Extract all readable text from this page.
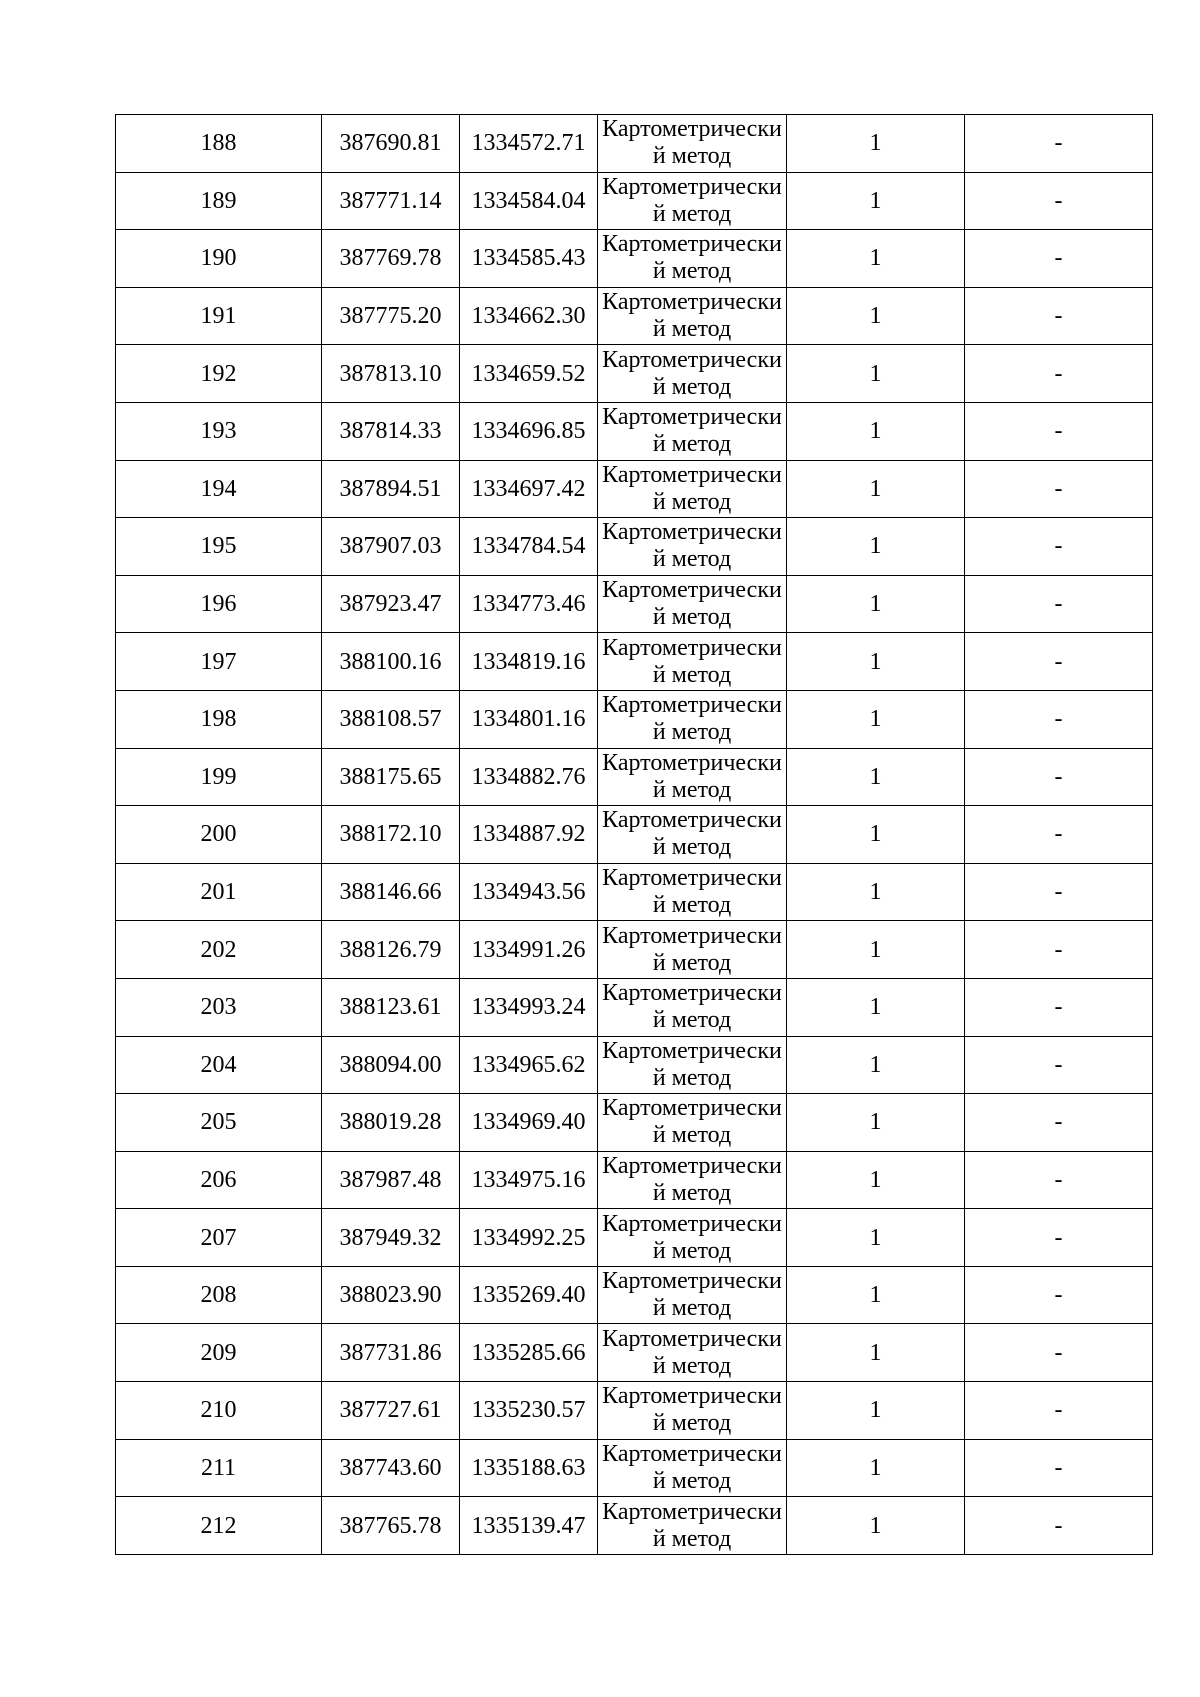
188	387690.81	1334572.71	Картометрически
й метод	1	-
189	387771.14	1334584.04	Картометрически
й метод	1	-
190	387769.78	1334585.43	Картометрически
й метод	1	-
191	387775.20	1334662.30	Картометрически
й метод	1	-
192	387813.10	1334659.52	Картометрически
й метод	1	-
193	387814.33	1334696.85	Картометрически
й метод	1	-
194	387894.51	1334697.42	Картометрически
й метод	1	-
195	387907.03	1334784.54	Картометрически
й метод	1	-
196	387923.47	1334773.46	Картометрически
й метод	1	-
197	388100.16	1334819.16	Картометрически
й метод	1	-
198	388108.57	1334801.16	Картометрически
й метод	1	-
199	388175.65	1334882.76	Картометрически
й метод	1	-
200	388172.10	1334887.92	Картометрически
й метод	1	-
201	388146.66	1334943.56	Картометрически
й метод	1	-
202	388126.79	1334991.26	Картометрически
й метод	1	-
203	388123.61	1334993.24	Картометрически
й метод	1	-
204	388094.00	1334965.62	Картометрически
й метод	1	-
205	388019.28	1334969.40	Картометрически
й метод	1	-
206	387987.48	1334975.16	Картометрически
й метод	1	-
207	387949.32	1334992.25	Картометрически
й метод	1	-
208	388023.90	1335269.40	Картометрически
й метод	1	-
209	387731.86	1335285.66	Картометрически
й метод	1	-
210	387727.61	1335230.57	Картометрически
й метод	1	-
211	387743.60	1335188.63	Картометрически
й метод	1	-
212	387765.78	1335139.47	Картометрически
й метод	1	-
